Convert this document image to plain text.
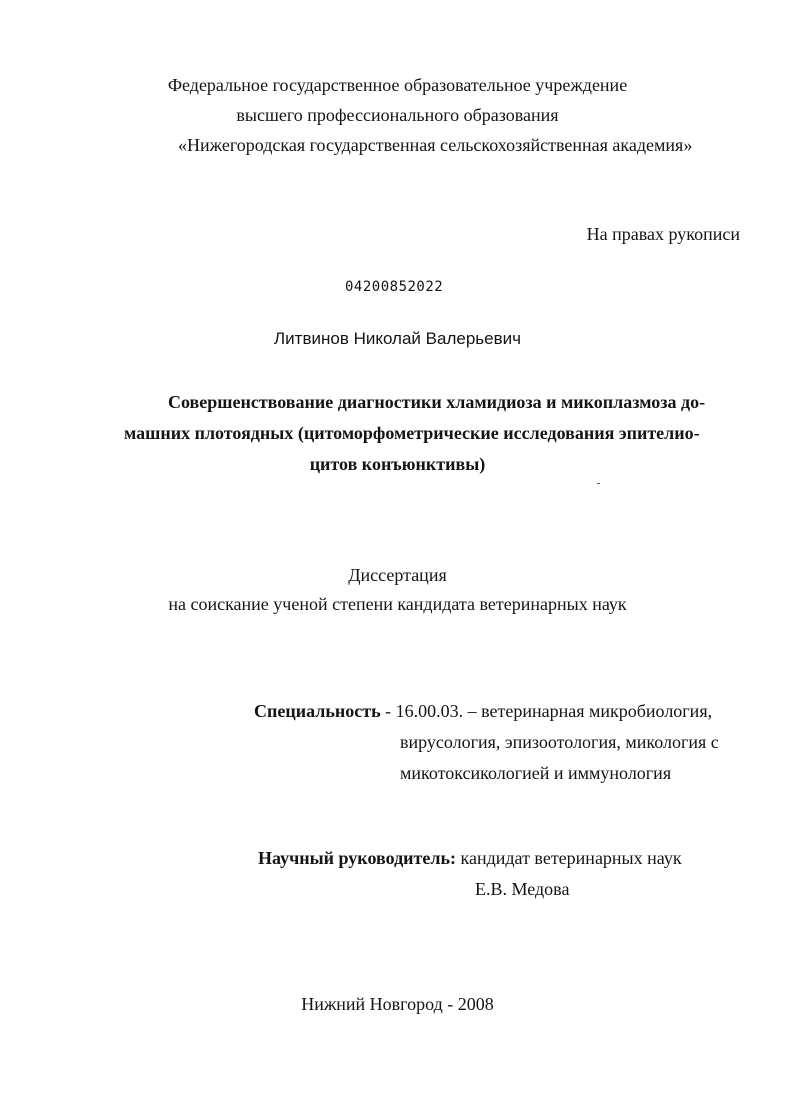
Федеральное государственное образовательное учреждение
высшего профессионального образования
«Нижегородская государственная сельскохозяйственная академия»
На правах рукописи
04200852022
Литвинов Николай Валерьевич
Совершенствование диагностики хламидиоза и микоплазмоза до-
машних плотоядных (цитоморфометрические исследования эпителио-
цитов конъюнктивы)
Диссертация
на соискание ученой степени кандидата ветеринарных наук
Специальность - 16.00.03. – ветеринарная микробиология,
вирусология, эпизоотология, микология с
микотоксикологией и иммунология
Научный руководитель: кандидат ветеринарных наук
Е.В. Медова
Нижний Новгород - 2008
